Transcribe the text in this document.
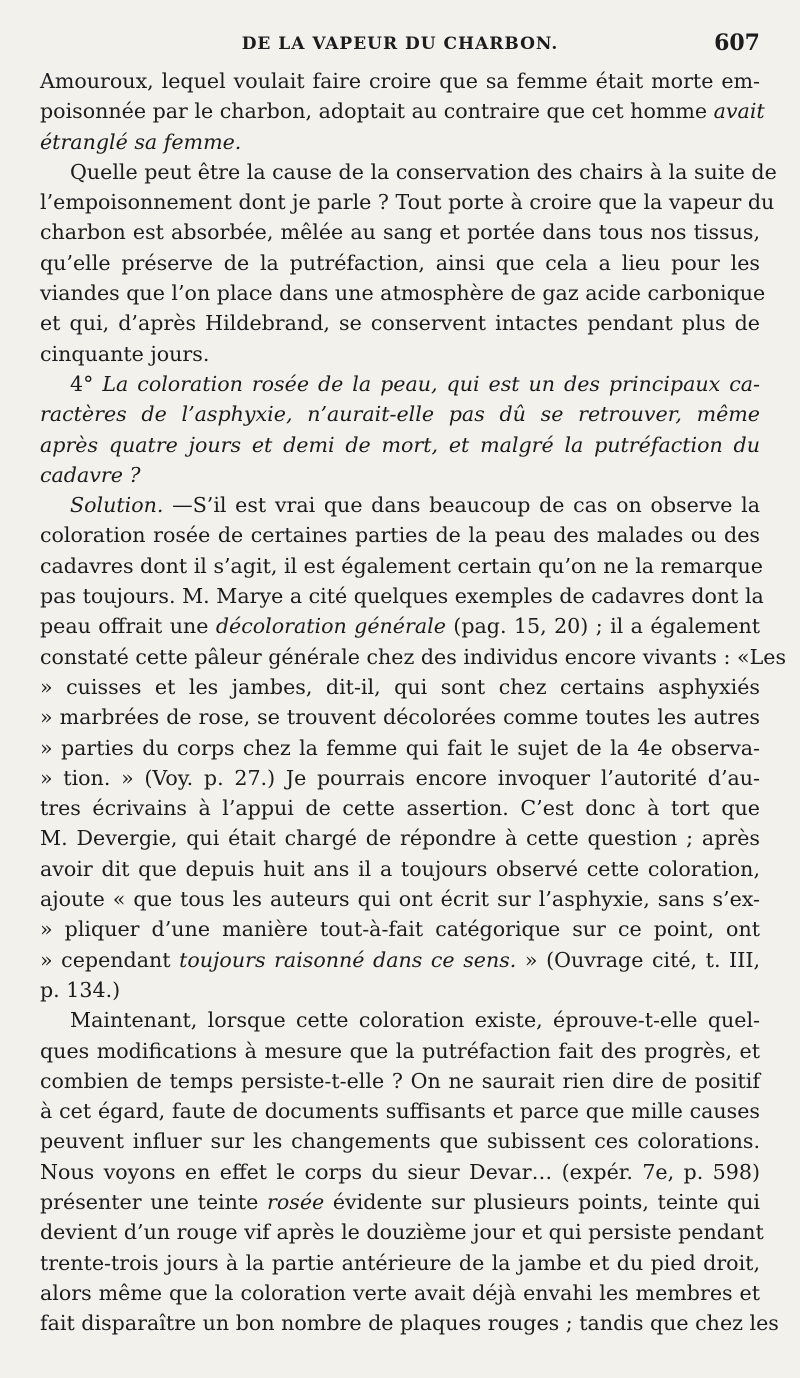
DE LA VAPEUR DU CHARBON.	607
Amouroux, lequel voulait faire croire que sa femme était morte em-
poisonnée par le charbon, adoptait au contraire que cet homme avait
étranglé sa femme.
Quelle peut être la cause de la conservation des chairs à la suite de
l’empoisonnement dont je parle ? Tout porte à croire que la vapeur du
charbon est absorbée, mêlée au sang et portée dans tous nos tissus,
qu’elle préserve de la putréfaction, ainsi que cela a lieu pour les
viandes que l’on place dans une atmosphère de gaz acide carbonique
et qui, d’après Hildebrand, se conservent intactes pendant plus de
cinquante jours.
4° La coloration rosée de la peau, qui est un des principaux ca-
ractères de l’asphyxie, n’aurait-elle pas dû se retrouver, même
après quatre jours et demi de mort, et malgré la putréfaction du
cadavre ?
Solution. —S’il est vrai que dans beaucoup de cas on observe la
coloration rosée de certaines parties de la peau des malades ou des
cadavres dont il s’agit, il est également certain qu’on ne la remarque
pas toujours. M. Marye a cité quelques exemples de cadavres dont la
peau offrait une décoloration générale (pag. 15, 20) ; il a également
constaté cette pâleur générale chez des individus encore vivants : «Les
» cuisses et les jambes, dit-il, qui sont chez certains asphyxiés
» marbrées de rose, se trouvent décolorées comme toutes les autres
» parties du corps chez la femme qui fait le sujet de la 4e observa-
» tion. » (Voy. p. 27.) Je pourrais encore invoquer l’autorité d’au-
tres écrivains à l’appui de cette assertion. C’est donc à tort que
M. Devergie, qui était chargé de répondre à cette question ; après
avoir dit que depuis huit ans il a toujours observé cette coloration,
ajoute « que tous les auteurs qui ont écrit sur l’asphyxie, sans s’ex-
» pliquer d’une manière tout-à-fait catégorique sur ce point, ont
» cependant toujours raisonné dans ce sens. » (Ouvrage cité, t. III,
p. 134.)
Maintenant, lorsque cette coloration existe, éprouve-t-elle quel-
ques modifications à mesure que la putréfaction fait des progrès, et
combien de temps persiste-t-elle ? On ne saurait rien dire de positif
à cet égard, faute de documents suffisants et parce que mille causes
peuvent influer sur les changements que subissent ces colorations.
Nous voyons en effet le corps du sieur Devar… (expér. 7e, p. 598)
présenter une teinte rosée évidente sur plusieurs points, teinte qui
devient d’un rouge vif après le douzième jour et qui persiste pendant
trente-trois jours à la partie antérieure de la jambe et du pied droit,
alors même que la coloration verte avait déjà envahi les membres et
fait disparaître un bon nombre de plaques rouges ; tandis que chez les
